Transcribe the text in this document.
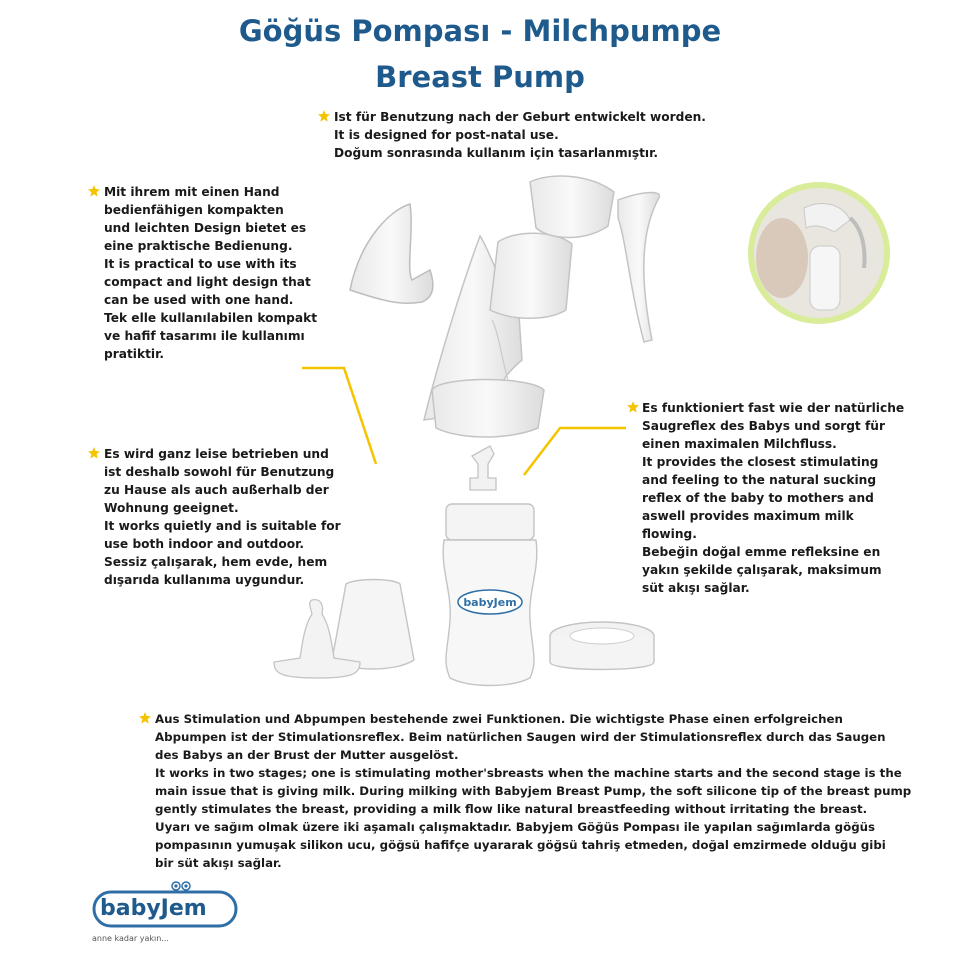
Göğüs Pompası - Milchpumpe
Breast Pump
Ist für Benutzung nach der Geburt entwickelt worden.
It is designed for post-natal use.
Doğum sonrasında kullanım için tasarlanmıştır.
Mit ihrem mit einen Hand
bedienfähigen kompakten
und leichten Design bietet es
eine praktische Bedienung.
It is practical to use with its
compact and light design that
can be used with one hand.
Tek elle kullanılabilen kompakt
ve hafif tasarımı ile kullanımı
pratiktir.
Es wird ganz leise betrieben und
ist deshalb sowohl für Benutzung
zu Hause als auch außerhalb der
Wohnung geeignet.
It works quietly and is suitable for
use both indoor and outdoor.
Sessiz çalışarak, hem evde, hem
dışarıda kullanıma uygundur.
Es funktioniert fast wie der natürliche
Saugreflex des Babys und sorgt für
einen maximalen Milchfluss.
It provides the closest stimulating
and feeling to the natural sucking
reflex of the baby to mothers and
aswell provides maximum milk
flowing.
Bebeğin doğal emme refleksine en
yakın şekilde çalışarak, maksimum
süt akışı sağlar.
Aus Stimulation und Abpumpen bestehende zwei Funktionen. Die wichtigste Phase einen erfolgreichen
Abpumpen ist der Stimulationsreflex. Beim natürlichen Saugen wird der Stimulationsreflex durch das Saugen
des Babys an der Brust der Mutter ausgelöst.
It works in two stages; one is stimulating mother'sbreasts when the machine starts and the second stage is the
main issue that is giving milk. During milking with Babyjem Breast Pump, the soft silicone tip of the breast pump
gently stimulates the breast, providing a milk flow like natural breastfeeding without irritating the breast.
Uyarı ve sağım olmak üzere iki aşamalı çalışmaktadır. Babyjem Göğüs Pompası ile yapılan sağımlarda göğüs
pompasının yumuşak silikon ucu, göğsü hafifçe uyararak göğsü tahriş etmeden, doğal emzirmede olduğu gibi
bir süt akışı sağlar.
babyJem
babyJem
anne kadar yakın...
